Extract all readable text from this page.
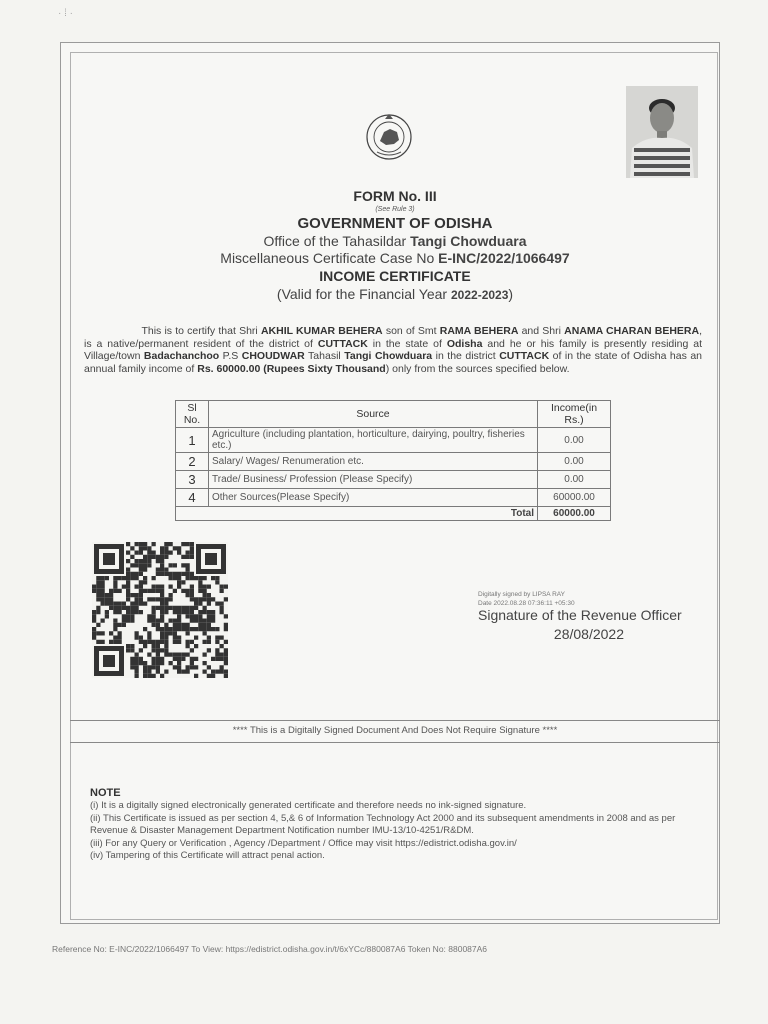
· ⁞ ·
FORM No. III
(See Rule 3)
GOVERNMENT OF ODISHA
Office of the Tahasildar Tangi Chowduara
Miscellaneous Certificate Case No E-INC/2022/1066497
INCOME CERTIFICATE
(Valid for the Financial Year 2022-2023)
This is to certify that Shri AKHIL KUMAR BEHERA son of Smt RAMA BEHERA and Shri ANAMA CHARAN BEHERA, is a native/permanent resident of the district of CUTTACK in the state of Odisha and he or his family is presently residing at Village/town Badachanchoo P.S CHOUDWAR Tahasil Tangi Chowduara in the district CUTTACK of in the state of Odisha has an annual family income of Rs. 60000.00 (Rupees Sixty Thousand) only from the sources specified below.
Sl No.	Source	Income(in Rs.)
1	Agriculture (including plantation, horticulture, dairying, poultry, fisheries etc.)	0.00
2	Salary/ Wages/ Renumeration etc.	0.00
3	Trade/ Business/ Profession (Please Specify)	0.00
4	Other Sources(Please Specify)	60000.00
Total		60000.00
Digitally signed by LIPSA RAY
Date 2022.08.28 07:36:11 +05:30
Signature of the Revenue Officer
28/08/2022
**** This is a Digitally Signed Document And Does Not Require Signature ****
NOTE
(i) It is a digitally signed electronically generated certificate and therefore needs no ink-signed signature.
(ii) This Certificate is issued as per section 4, 5,& 6 of Information Technology Act 2000 and its subsequent amendments in 2008 and as per Revenue & Disaster Management Department Notification number IMU-13/10-4251/R&DM.
(iii) For any Query or Verification , Agency /Department / Office may visit https://edistrict.odisha.gov.in/
(iv) Tampering of this Certificate will attract penal action.
Reference No: E-INC/2022/1066497 To View: https://edistrict.odisha.gov.in/t/6xYCc/880087A6 Token No: 880087A6
